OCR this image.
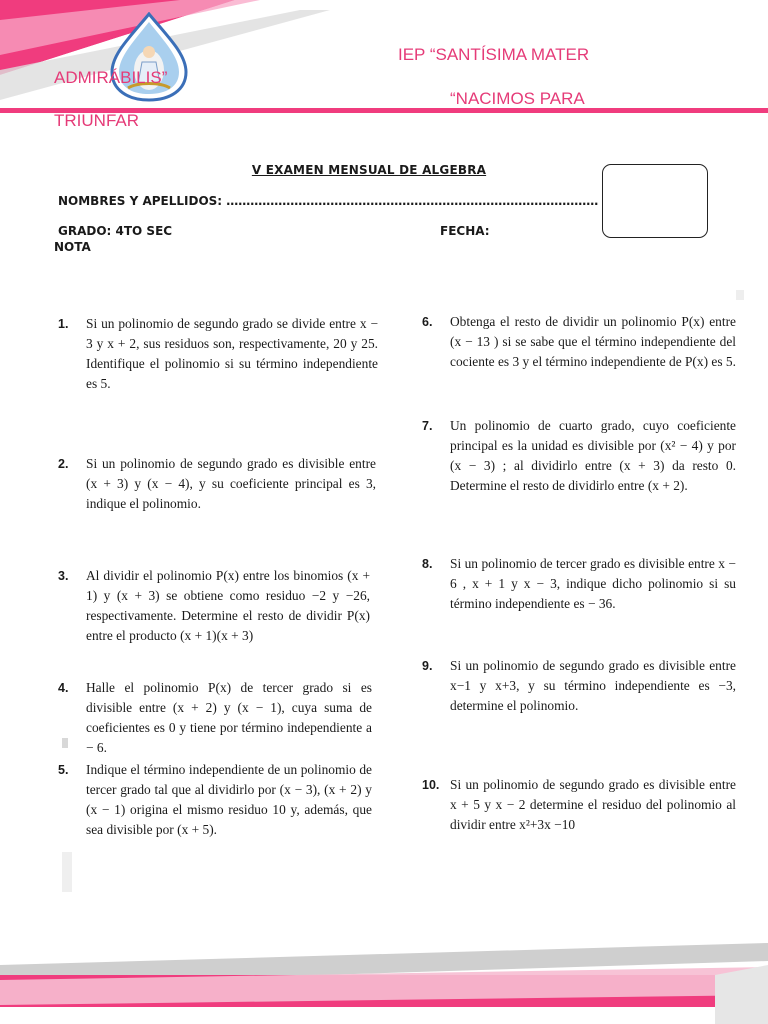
IEP “SANTÍSIMA MATER
ADMIRÁBILIS”
“NACIMOS PARA
TRIUNFAR
V EXAMEN MENSUAL DE ALGEBRA
NOMBRES Y APELLIDOS: …………………………………………………………………………………
GRADO: 4TO SEC	FECHA:
NOTA
1. Si un polinomio de segundo grado se divide entre x − 3 y x + 2, sus residuos son, respectivamente, 20 y 25. Identifique el polinomio si su término independiente es 5.
2. Si un polinomio de segundo grado es divisible entre (x + 3) y (x − 4), y su coeficiente principal es 3, indique el polinomio.
3. Al dividir el polinomio P(x) entre los binomios (x + 1) y (x + 3) se obtiene como residuo −2 y −26, respectivamente. Determine el resto de dividir P(x) entre el producto (x + 1)(x + 3)
4. Halle el polinomio P(x) de tercer grado si es divisible entre (x + 2) y (x − 1), cuya suma de coeficientes es 0 y tiene por término independiente a − 6.
5. Indique el término independiente de un polinomio de tercer grado tal que al dividirlo por (x − 3), (x + 2) y (x − 1) origina el mismo residuo 10 y, además, que sea divisible por (x + 5).
6. Obtenga el resto de dividir un polinomio P(x) entre (x − 13 ) si se sabe que el término independiente del cociente es 3 y el término independiente de P(x) es 5.
7. Un polinomio de cuarto grado, cuyo coeficiente principal es la unidad es divisible por (x² − 4) y por (x − 3) ; al dividirlo entre (x + 3) da resto 0. Determine el resto de dividirlo entre (x + 2).
8. Si un polinomio de tercer grado es divisible entre x − 6 , x + 1 y x − 3, indique dicho polinomio si su término independiente es − 36.
9. Si un polinomio de segundo grado es divisible entre x−1 y x+3, y su término independiente es −3, determine el polinomio.
10. Si un polinomio de segundo grado es divisible entre x + 5 y x − 2 determine el residuo del polinomio al dividir entre x²+3x −10
